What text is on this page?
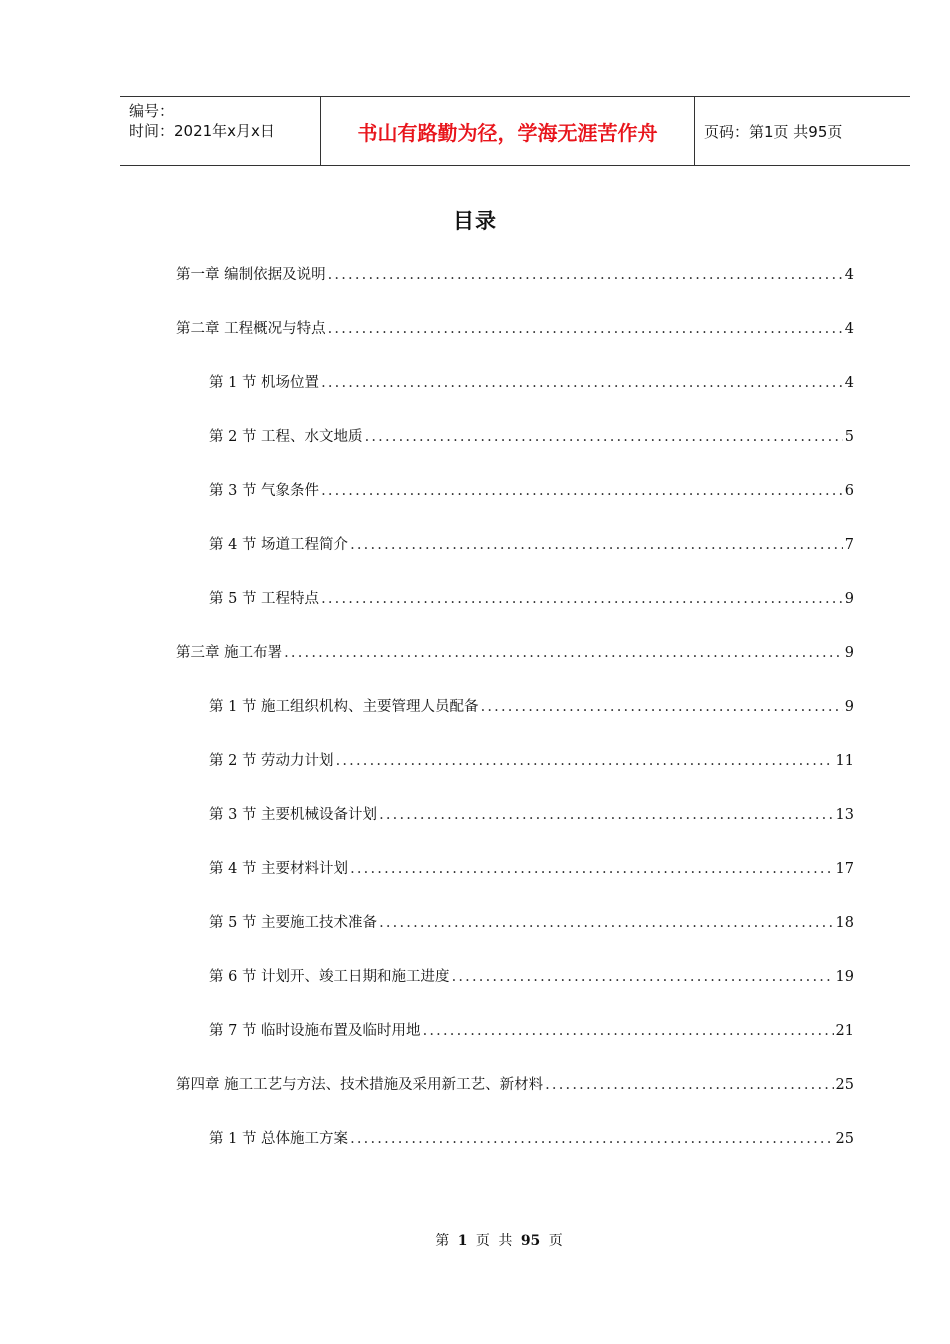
编号：
时间：2021年x月x日	书山有路勤为径，学海无涯苦作舟	页码：第1页 共95页
目录
第一章 编制依据及说明 .....	4
第二章 工程概况与特点 .....	4
第 1 节 机场位置 .....	4
第 2 节 工程、水文地质 .....	5
第 3 节 气象条件 .....	6
第 4 节 场道工程简介 .....	7
第 5 节 工程特点 .....	9
第三章 施工布署 .....	9
第 1 节 施工组织机构、主要管理人员配备 .....	9
第 2 节 劳动力计划 .....	11
第 3 节 主要机械设备计划 .....	13
第 4 节 主要材料计划 .....	17
第 5 节 主要施工技术准备 .....	18
第 6 节 计划开、竣工日期和施工进度 .....	19
第 7 节 临时设施布置及临时用地 .....	21
第四章 施工工艺与方法、技术措施及采用新工艺、新材料 .....	25
第 1 节 总体施工方案 .....	25
第 1 页 共 95 页
